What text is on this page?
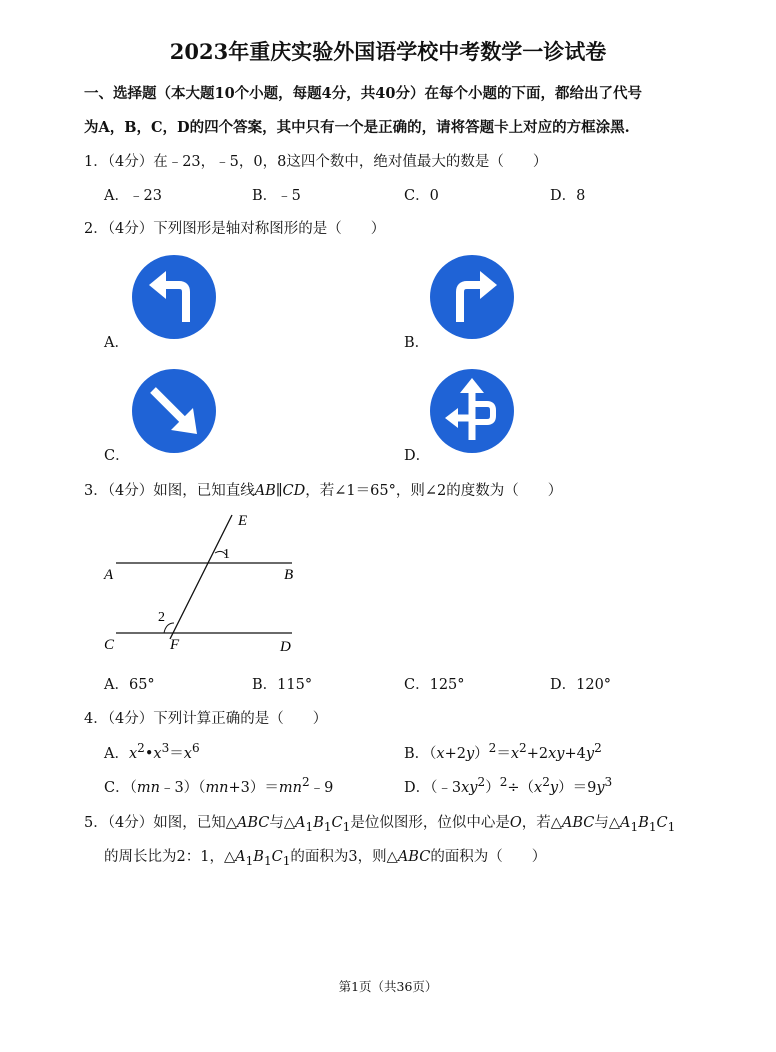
2023年重庆实验外国语学校中考数学一诊试卷
一、选择题（本大题10个小题，每题4分，共40分）在每个小题的下面，都给出了代号
为A，B，C，D的四个答案，其中只有一个是正确的，请将答题卡上对应的方框涂黑.
1．（4分）在﹣23，﹣5，0，8这四个数中，绝对值最大的数是（　　）
A．﹣23	B．﹣5	C．0	D．8
2．（4分）下列图形是轴对称图形的是（　　）
A．	B．
C．	D．
3．（4分）如图，已知直线AB∥CD，若∠1＝65°，则∠2的度数为（　　）
A	B
C	D
E
F
1
2
A．65°	B．115°	C．125°	D．120°
4．（4分）下列计算正确的是（　　）
A．$x^2•x^3=x^6$	B．$(x+2y)^2=x^2+2xy+4y^2$
C．$(mn﹣3)(mn+3)=mn^2﹣9$	D．$(﹣3xy^2)^2\div(x^2y)=9y^3$
5．（4分）如图，已知△ABC与$\triangle A_1B_1C_1$是位似图形，位似中心是O，若△ABC与$\triangle A_1B_1C_1$
的周长比为2：1，$\triangle A_1B_1C_1$的面积为3，则△ABC的面积为（　　）
第1页（共36页）
